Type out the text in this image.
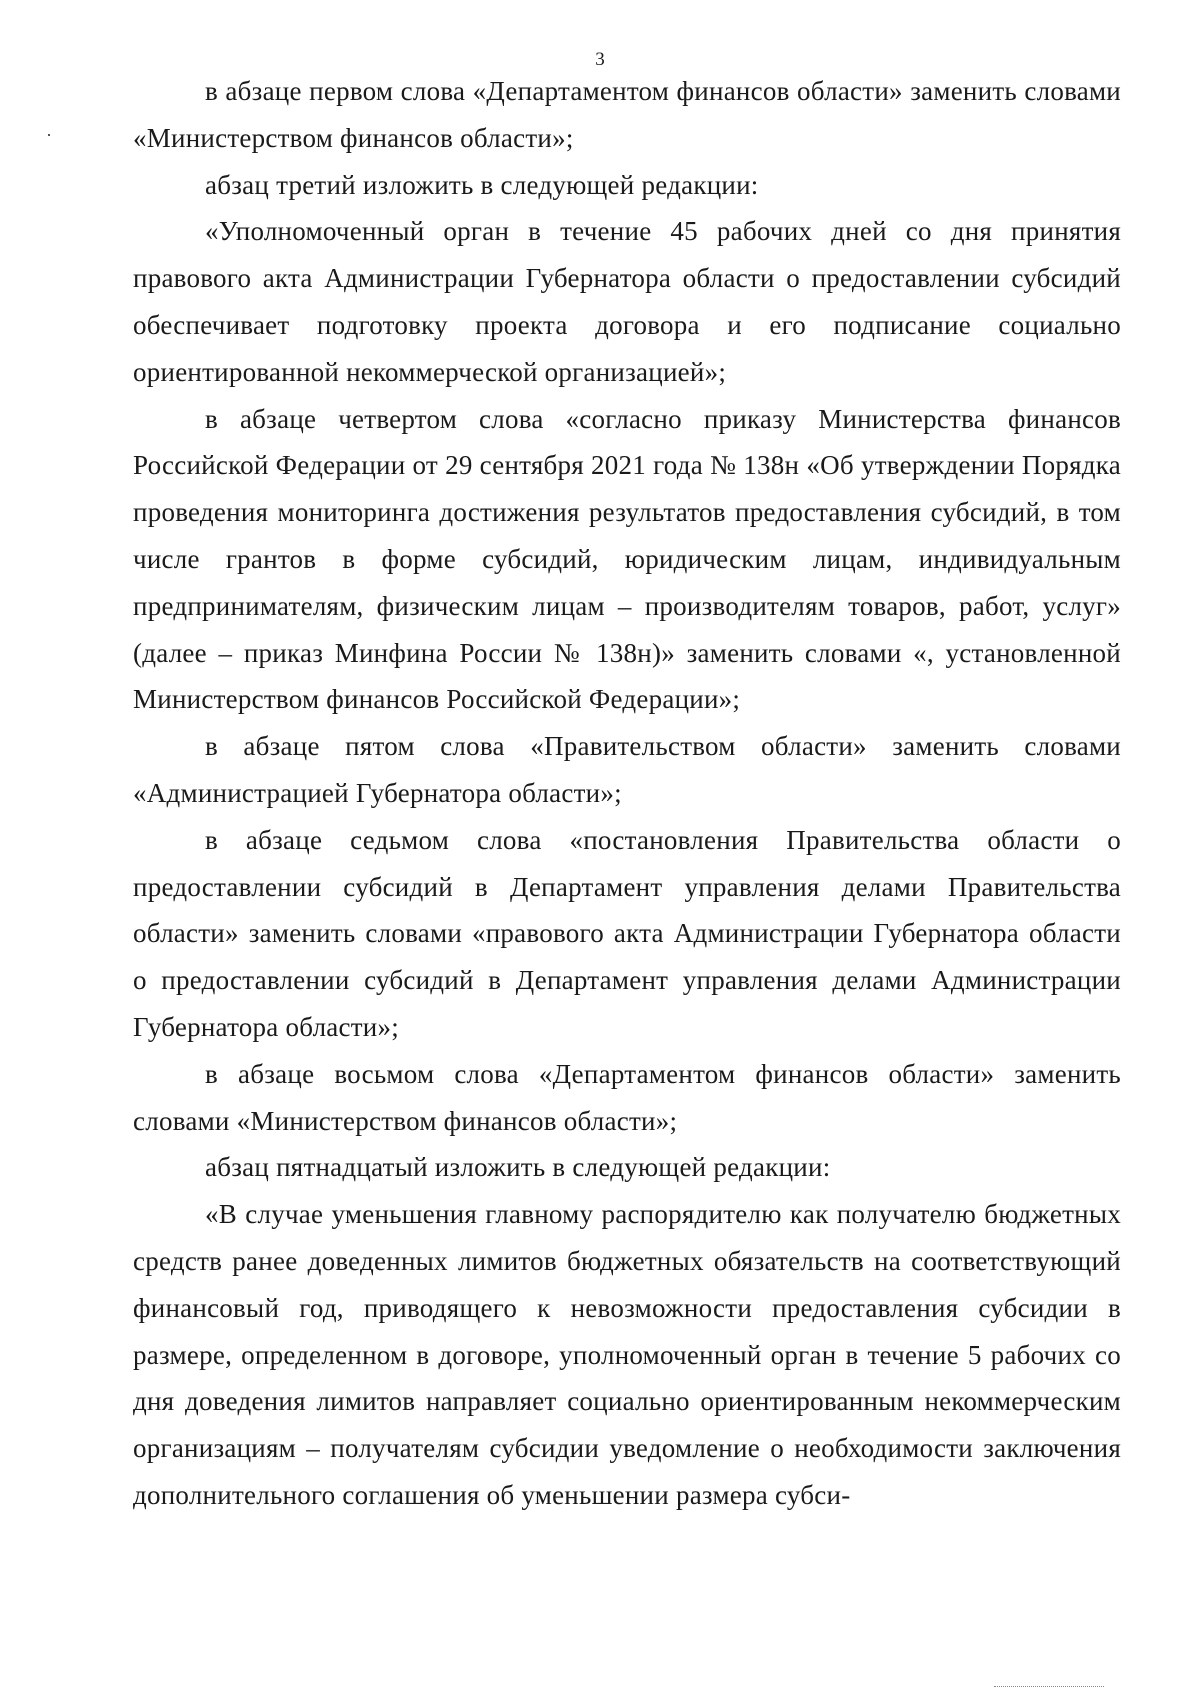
3

в абзаце первом слова «Департаментом финансов области» заменить словами «Министерством финансов области»;

абзац третий изложить в следующей редакции:

«Уполномоченный орган в течение 45 рабочих дней со дня принятия правового акта Администрации Губернатора области о предоставлении субсидий обеспечивает подготовку проекта договора и его подписание социально ориентированной некоммерческой организацией»;

в абзаце четвертом слова «согласно приказу Министерства финансов Российской Федерации от 29 сентября 2021 года № 138н «Об утверждении Порядка проведения мониторинга достижения результатов предоставления субсидий, в том числе грантов в форме субсидий, юридическим лицам, индивидуальным предпринимателям, физическим лицам – производителям товаров, работ, услуг» (далее – приказ Минфина России № 138н)» заменить словами «, установленной Министерством финансов Российской Федерации»;

в абзаце пятом слова «Правительством области» заменить словами «Администрацией Губернатора области»;

в абзаце седьмом слова «постановления Правительства области о предоставлении субсидий в Департамент управления делами Правительства области» заменить словами «правового акта Администрации Губернатора области о предоставлении субсидий в Департамент управления делами Администрации Губернатора области»;

в абзаце восьмом слова «Департаментом финансов области» заменить словами «Министерством финансов области»;

абзац пятнадцатый изложить в следующей редакции:

«В случае уменьшения главному распорядителю как получателю бюджетных средств ранее доведенных лимитов бюджетных обязательств на соответствующий финансовый год, приводящего к невозможности предоставления субсидии в размере, определенном в договоре, уполномоченный орган в течение 5 рабочих со дня доведения лимитов направляет социально ориентированным некоммерческим организациям – получателям субсидии уведомление о необходимости заключения дополнительного соглашения об уменьшении размера субси-
